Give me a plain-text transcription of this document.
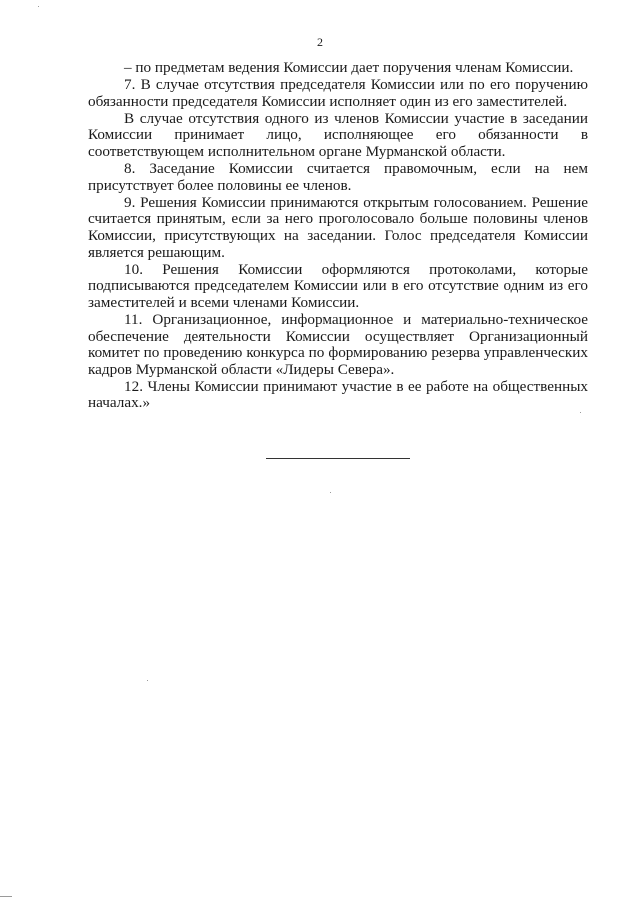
2

– по предметам ведения Комиссии дает поручения членам Комиссии.

7. В случае отсутствия председателя Комиссии или по его поручению обязанности председателя Комиссии исполняет один из его заместителей.

В случае отсутствия одного из членов Комиссии участие в заседании Комиссии принимает лицо, исполняющее его обязанности в соответствующем исполнительном органе Мурманской области.

8. Заседание Комиссии считается правомочным, если на нем присутствует более половины ее членов.

9. Решения Комиссии принимаются открытым голосованием. Решение считается принятым, если за него проголосовало больше половины членов Комиссии, присутствующих на заседании. Голос председателя Комиссии является решающим.

10. Решения Комиссии оформляются протоколами, которые подписываются председателем Комиссии или в его отсутствие одним из его заместителей и всеми членами Комиссии.

11. Организационное, информационное и материально-техническое обеспечение деятельности Комиссии осуществляет Организационный комитет по проведению конкурса по формированию резерва управленческих кадров Мурманской области «Лидеры Севера».

12. Члены Комиссии принимают участие в ее работе на общественных началах.»
